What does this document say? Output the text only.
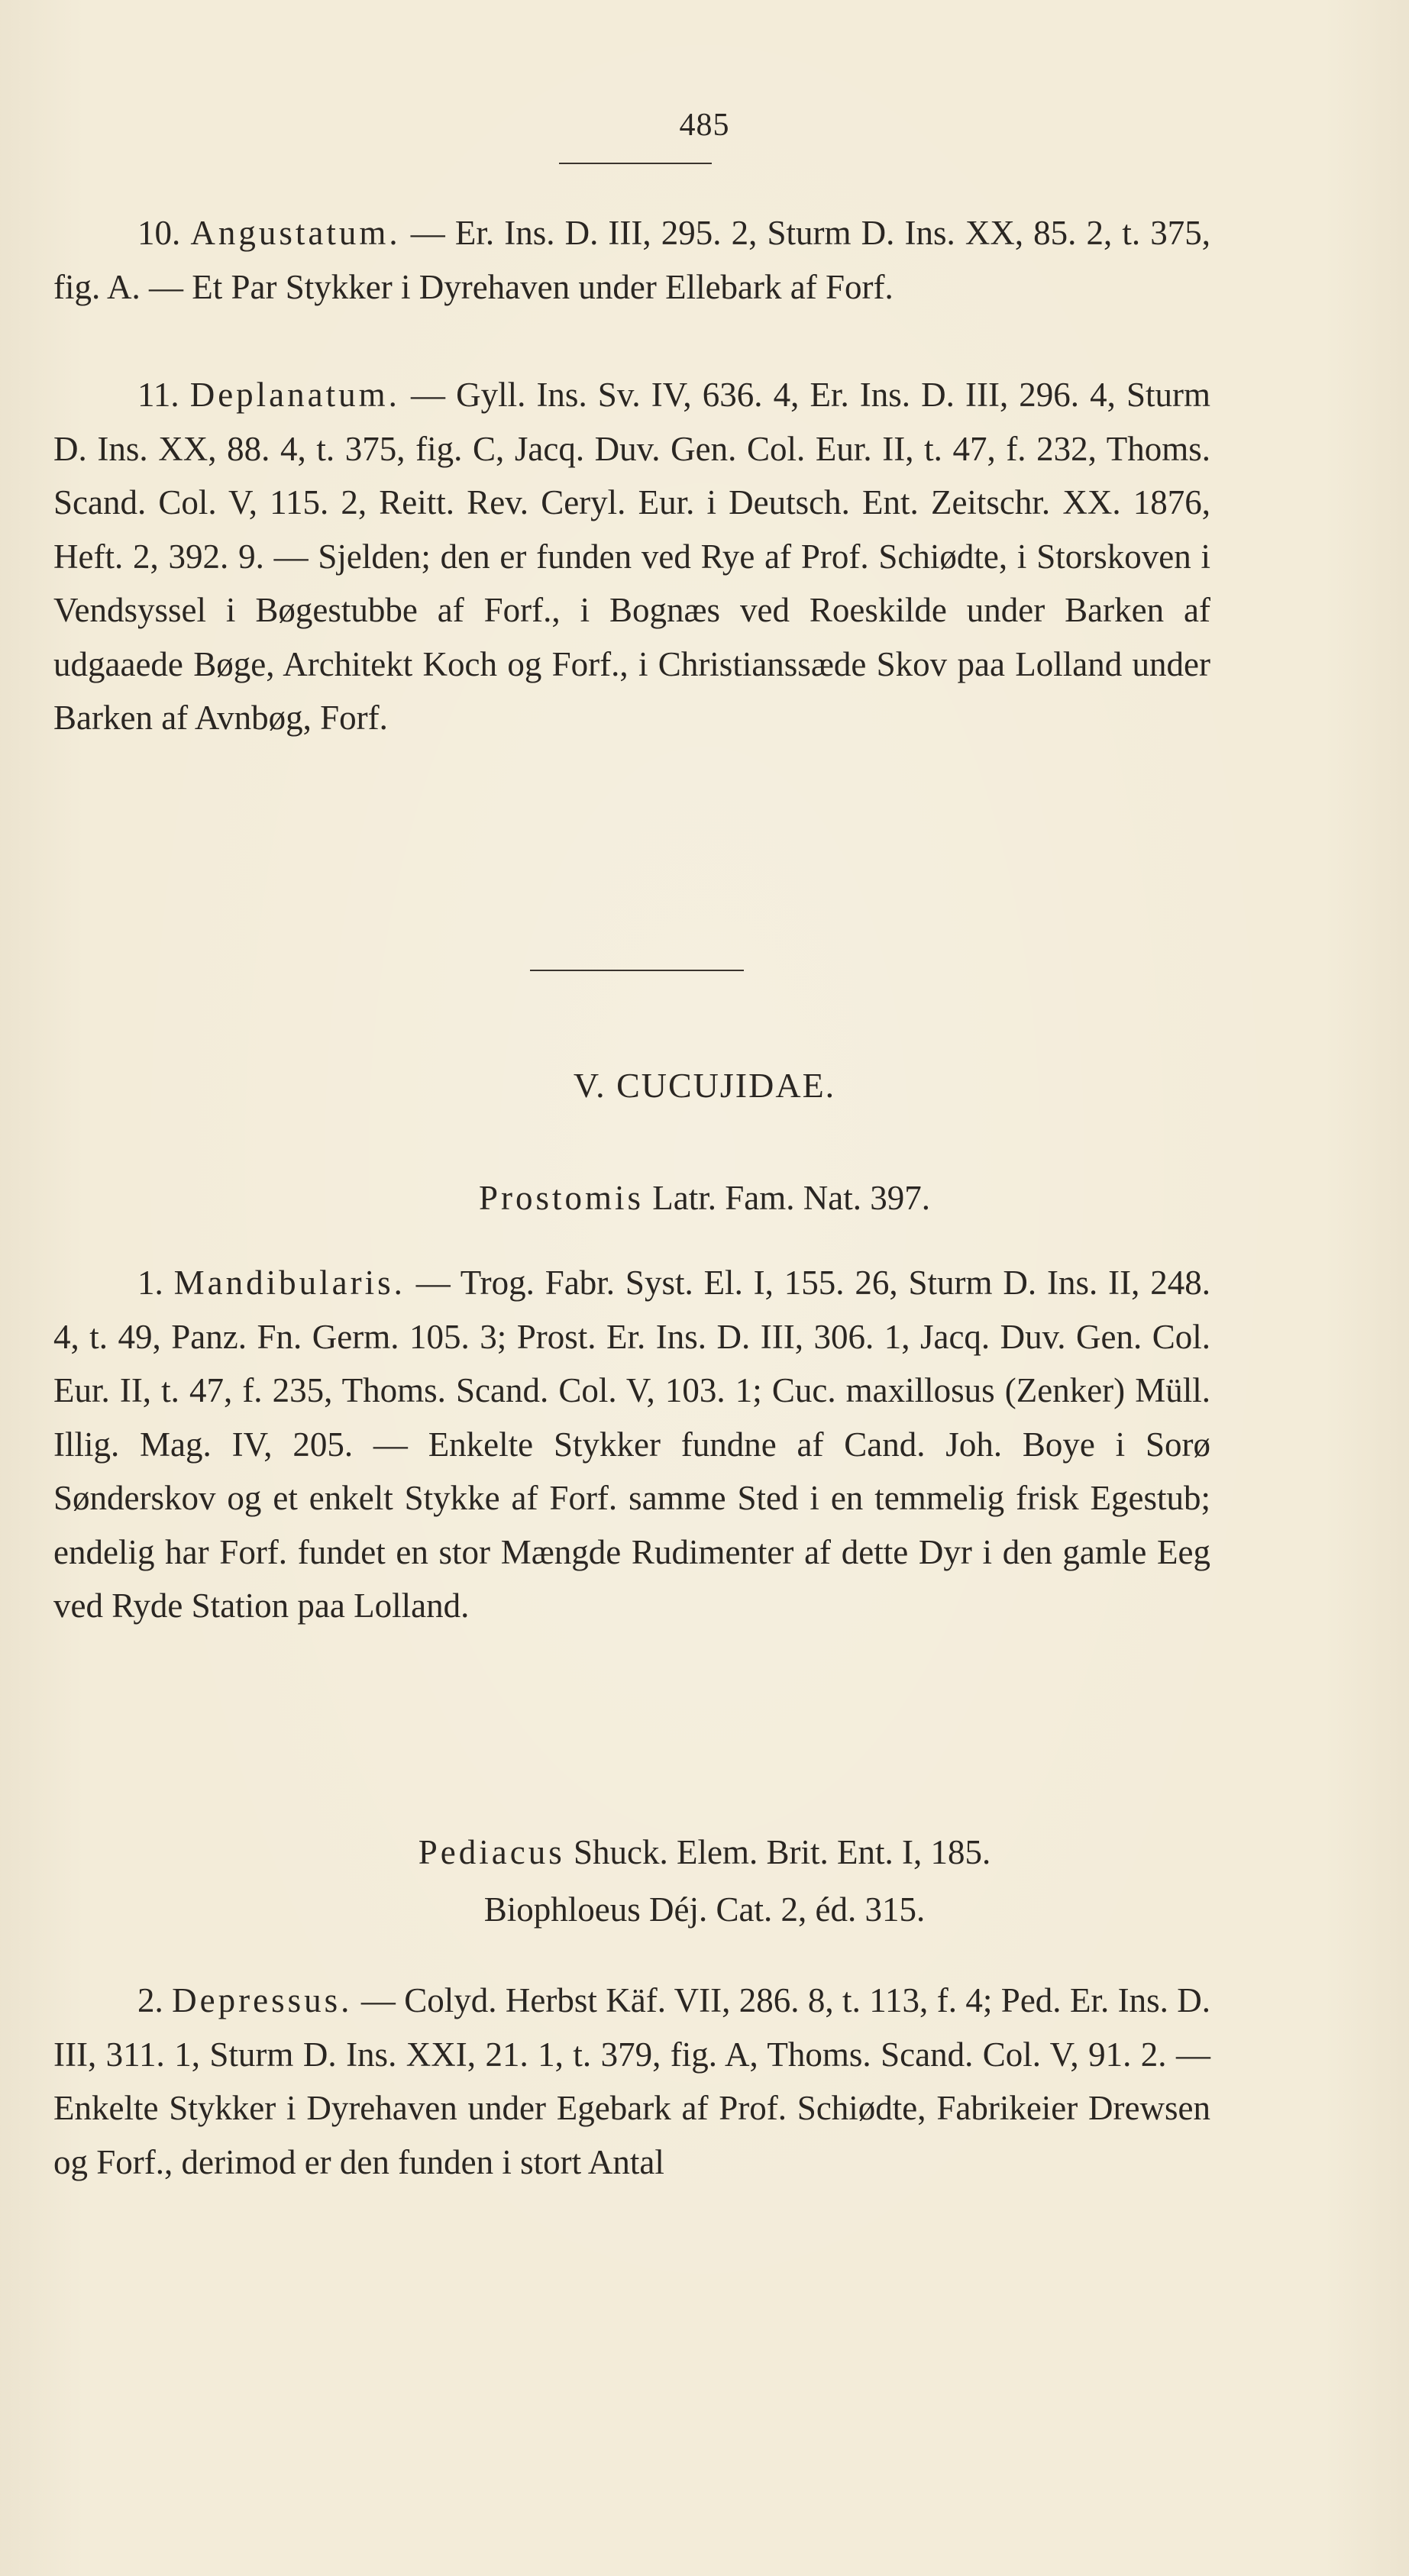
485

10. Angustatum. — Er. Ins. D. III, 295. 2, Sturm D. Ins. XX, 85. 2, t. 375, fig. A. — Et Par Stykker i Dyrehaven under Ellebark af Forf.

11. Deplanatum. — Gyll. Ins. Sv. IV, 636. 4, Er. Ins. D. III, 296. 4, Sturm D. Ins. XX, 88. 4, t. 375, fig. C, Jacq. Duv. Gen. Col. Eur. II, t. 47, f. 232, Thoms. Scand. Col. V, 115. 2, Reitt. Rev. Ceryl. Eur. i Deutsch. Ent. Zeitschr. XX. 1876, Heft. 2, 392. 9. — Sjelden; den er funden ved Rye af Prof. Schiødte, i Storskoven i Vendsyssel i Bøgestubbe af Forf., i Bognæs ved Roeskilde under Barken af udgaaede Bøge, Architekt Koch og Forf., i Christianssæde Skov paa Lolland under Barken af Avnbøg, Forf.

V. CUCUJIDAE.

Prostomis Latr. Fam. Nat. 397.

1. Mandibularis. — Trog. Fabr. Syst. El. I, 155. 26, Sturm D. Ins. II, 248. 4, t. 49, Panz. Fn. Germ. 105. 3; Prost. Er. Ins. D. III, 306. 1, Jacq. Duv. Gen. Col. Eur. II, t. 47, f. 235, Thoms. Scand. Col. V, 103. 1; Cuc. maxillosus (Zenker) Müll. Illig. Mag. IV, 205. — Enkelte Stykker fundne af Cand. Joh. Boye i Sorø Sønderskov og et enkelt Stykke af Forf. samme Sted i en temmelig frisk Egestub; endelig har Forf. fundet en stor Mængde Rudimenter af dette Dyr i den gamle Eeg ved Ryde Station paa Lolland.

Pediacus Shuck. Elem. Brit. Ent. I, 185.

Biophloeus Déj. Cat. 2, éd. 315.

2. Depressus. — Colyd. Herbst Käf. VII, 286. 8, t. 113, f. 4; Ped. Er. Ins. D. III, 311. 1, Sturm D. Ins. XXI, 21. 1, t. 379, fig. A, Thoms. Scand. Col. V, 91. 2. — Enkelte Stykker i Dyrehaven under Egebark af Prof. Schiødte, Fabrikeier Drewsen og Forf., derimod er den funden i stort Antal
